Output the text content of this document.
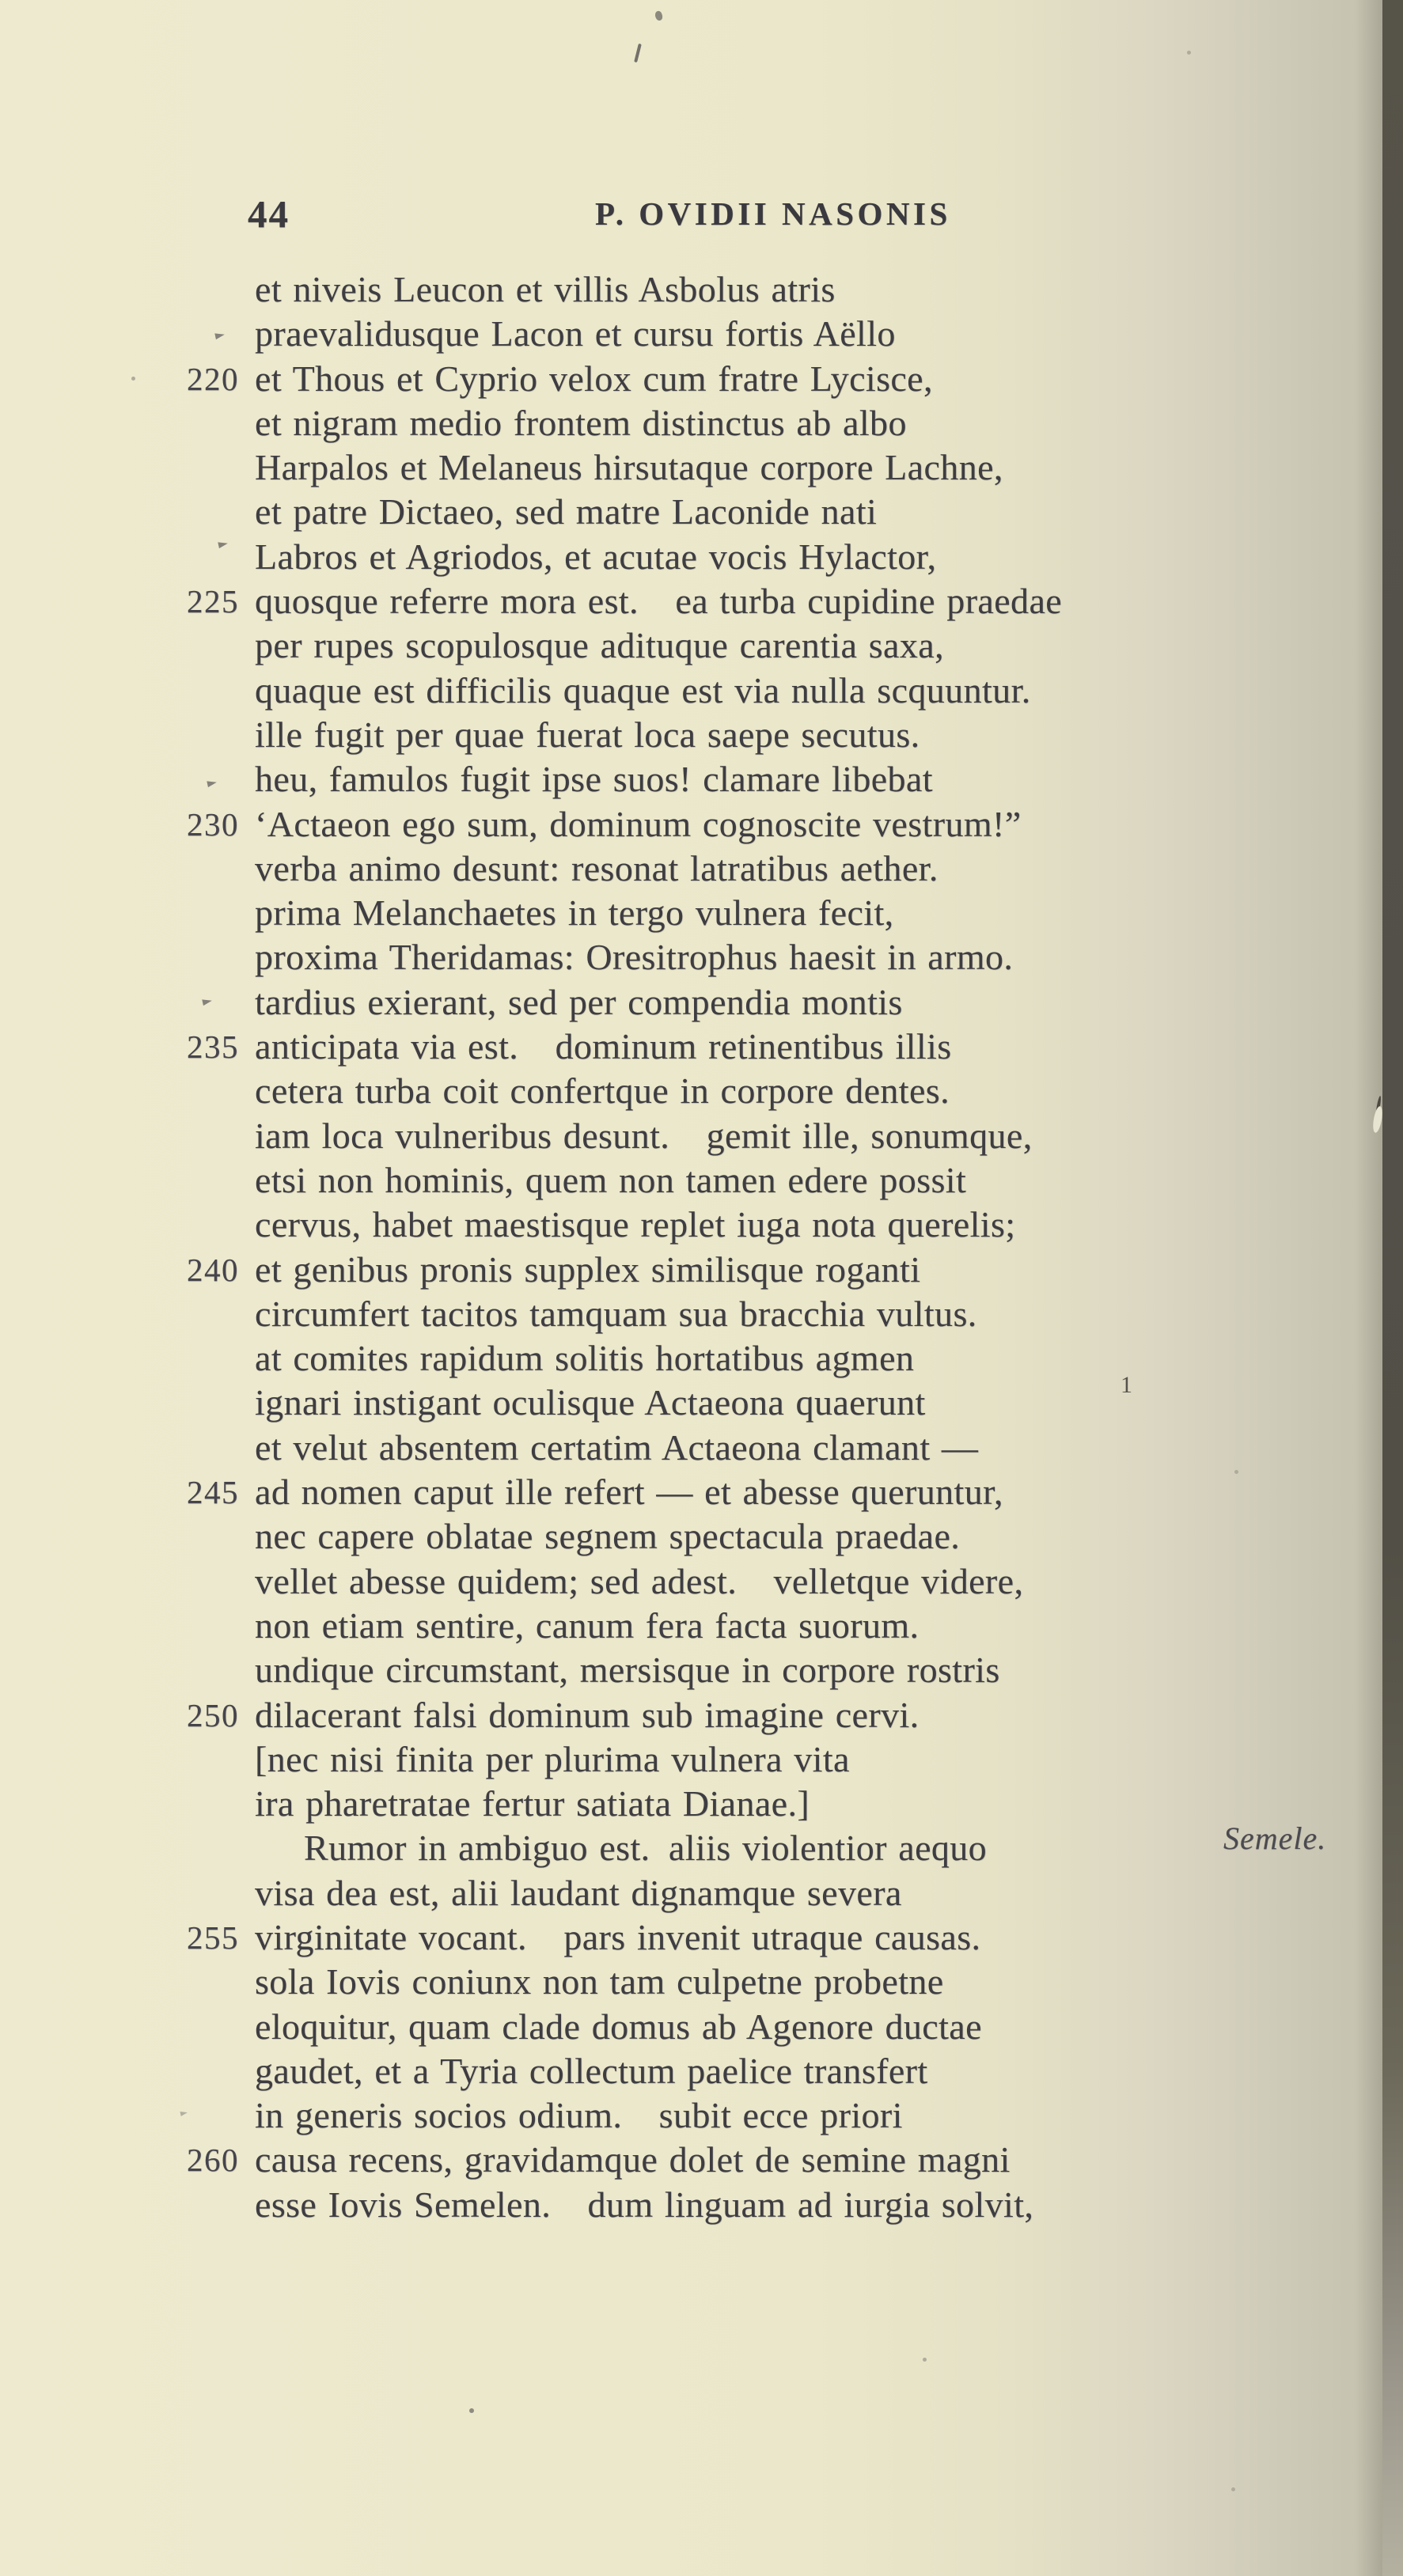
44	P. OVIDII NASONIS
et niveis Leucon et villis Asbolus atris
praevalidusque Lacon et cursu fortis Aëllo
220 et Thous et Cyprio velox cum fratre Lycisce,
et nigram medio frontem distinctus ab albo
Harpalos et Melaneus hirsutaque corpore Lachne,
et patre Dictaeo, sed matre Laconide nati
Labros et Agriodos, et acutae vocis Hylactor,
225 quosque referre mora est. ea turba cupidine praedae
per rupes scopulosque adituque carentia saxa,
quaque est difficilis quaque est via nulla scquuntur.
ille fugit per quae fuerat loca saepe secutus.
heu, famulos fugit ipse suos! clamare libebat
230 ‘Actaeon ego sum, dominum cognoscite vestrum!”
verba animo desunt: resonat latratibus aether.
prima Melanchaetes in tergo vulnera fecit,
proxima Theridamas: Oresitrophus haesit in armo.
tardius exierant, sed per compendia montis
235 anticipata via est. dominum retinentibus illis
cetera turba coit confertque in corpore dentes.
iam loca vulneribus desunt. gemit ille, sonumque,
etsi non hominis, quem non tamen edere possit
cervus, habet maestisque replet iuga nota querelis;
240 et genibus pronis supplex similisque roganti
circumfert tacitos tamquam sua bracchia vultus.
at comites rapidum solitis hortatibus agmen
ignari instigant oculisque Actaeona quaerunt
et velut absentem certatim Actaeona clamant —
245 ad nomen caput ille refert — et abesse queruntur,
nec capere oblatae segnem spectacula praedae.
vellet abesse quidem; sed adest. velletque videre,
non etiam sentire, canum fera facta suorum.
undique circumstant, mersisque in corpore rostris
250 dilacerant falsi dominum sub imagine cervi.
[nec nisi finita per plurima vulnera vita
ira pharetratae fertur satiata Dianae.]
Rumor in ambiguo est. aliis violentior aequo
visa dea est, alii laudant dignamque severa
255 virginitate vocant. pars invenit utraque causas.
sola Iovis coniunx non tam culpetne probetne
eloquitur, quam clade domus ab Agenore ductae
gaudet, et a Tyria collectum paelice transfert
in generis socios odium. subit ecce priori
260 causa recens, gravidamque dolet de semine magni
esse Iovis Semelen. dum linguam ad iurgia solvit,
Semele.
1
